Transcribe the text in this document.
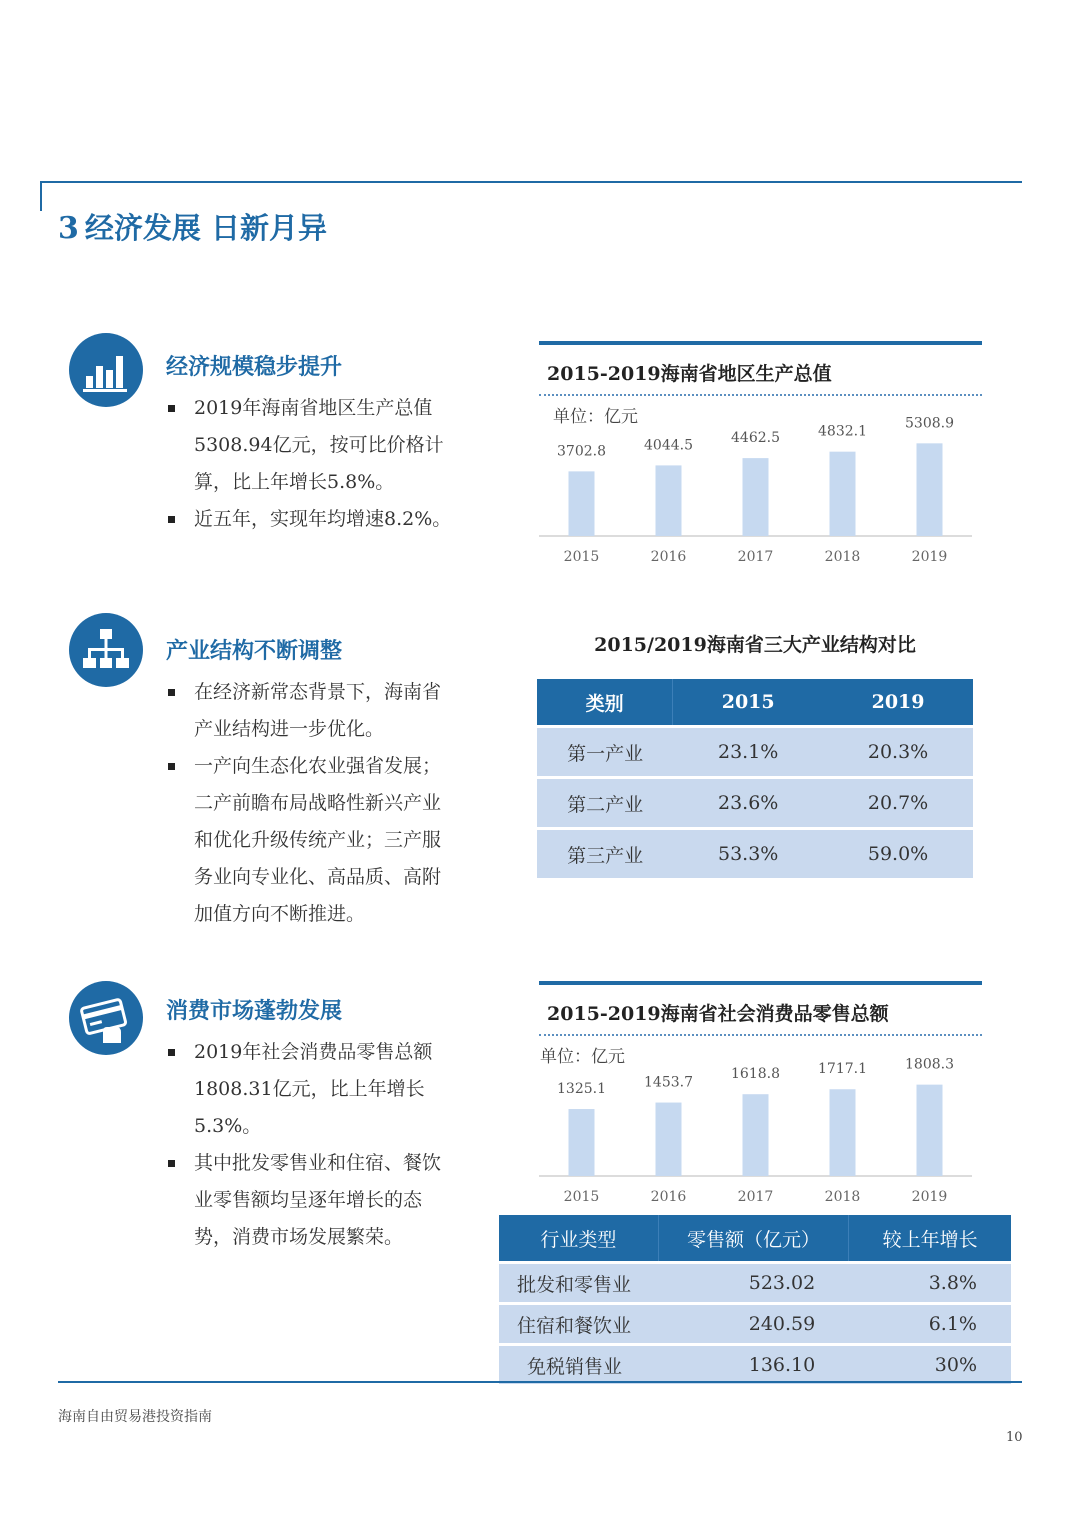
3 经济发展 日新月异
经济规模稳步提升
2019年海南省地区生产总值5308.94亿元，按可比价格计算，比上年增长5.8%。
近五年，实现年均增速8.2%。
2015-2019海南省地区生产总值
单位：亿元
3702.8
2015
4044.5
2016
4462.5
2017
4832.1
2018
5308.9
2019
产业结构不断调整
在经济新常态背景下，海南省产业结构进一步优化。
一产向生态化农业强省发展；二产前瞻布局战略性新兴产业和优化升级传统产业；三产服务业向专业化、高品质、高附加值方向不断推进。
2015/2019海南省三大产业结构对比
类别	2015	2019
第一产业	23.1%	20.3%
第二产业	23.6%	20.7%
第三产业	53.3%	59.0%
消费市场蓬勃发展
2019年社会消费品零售总额1808.31亿元，比上年增长5.3%。
其中批发零售业和住宿、餐饮业零售额均呈逐年增长的态势，消费市场发展繁荣。
2015-2019海南省社会消费品零售总额
单位：亿元
1325.1
2015
1453.7
2016
1618.8
2017
1717.1
2018
1808.3
2019
行业类型	零售额（亿元）	较上年增长
批发和零售业	523.02	3.8%
住宿和餐饮业	240.59	6.1%
免税销售业	136.10	30%
海南自由贸易港投资指南
10
